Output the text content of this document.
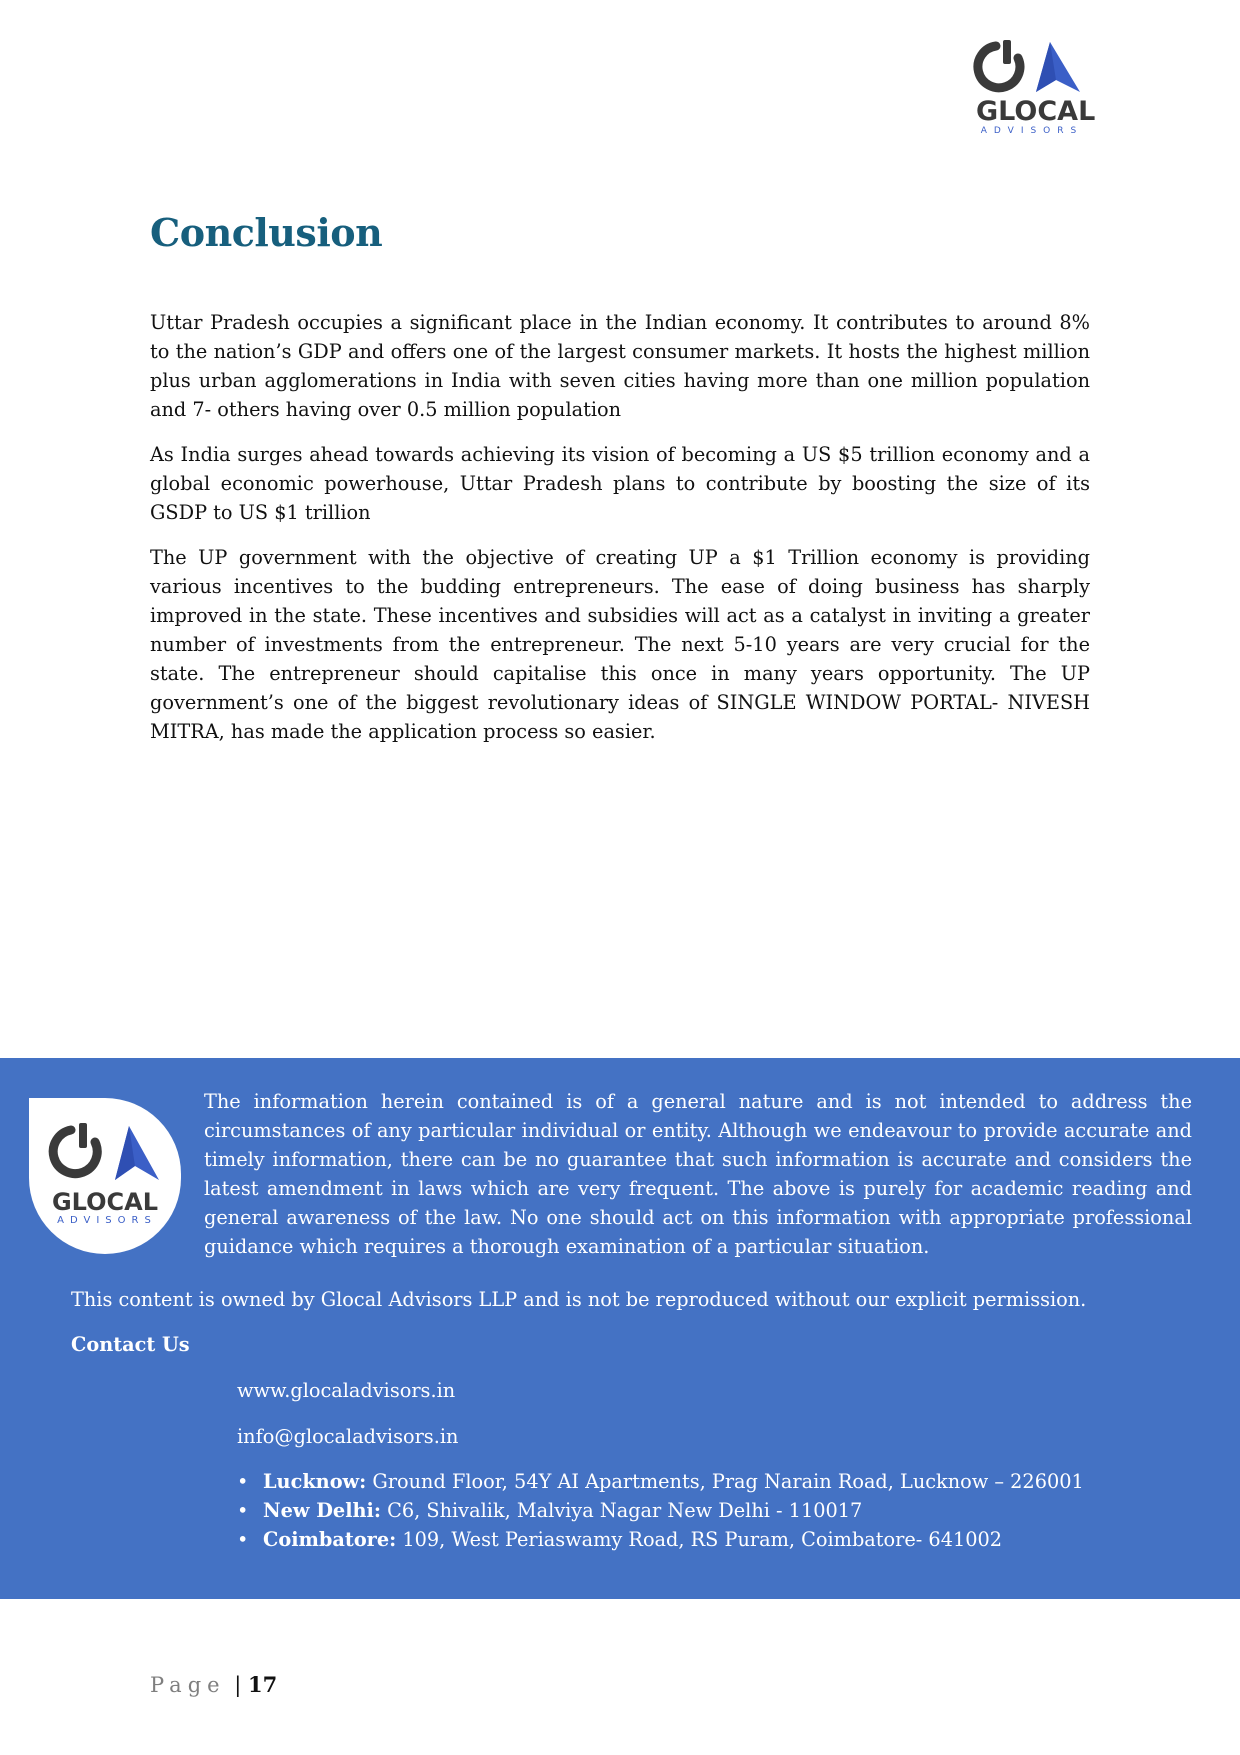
GLOCAL
ADVISORS
Conclusion

Uttar Pradesh occupies a significant place in the Indian economy. It contributes to around 8% to the nation’s GDP and offers one of the largest consumer markets. It hosts the highest million plus urban agglomerations in India with seven cities having more than one million population and 7- others having over 0.5 million population

As India surges ahead towards achieving its vision of becoming a US $5 trillion economy and a global economic powerhouse, Uttar Pradesh plans to contribute by boosting the size of its GSDP to US $1 trillion

The UP government with the objective of creating UP a $1 Trillion economy is providing various incentives to the budding entrepreneurs. The ease of doing business has sharply improved in the state. These incentives and subsidies will act as a catalyst in inviting a greater number of investments from the entrepreneur. The next 5-10 years are very crucial for the state. The entrepreneur should capitalise this once in many years opportunity. The UP government’s one of the biggest revolutionary ideas of SINGLE WINDOW PORTAL- NIVESH MITRA, has made the application process so easier.

GLOCAL
ADVISORS

The information herein contained is of a general nature and is not intended to address the circumstances of any particular individual or entity. Although we endeavour to provide accurate and timely information, there can be no guarantee that such information is accurate and considers the latest amendment in laws which are very frequent. The above is purely for academic reading and general awareness of the law. No one should act on this information with appropriate professional guidance which requires a thorough examination of a particular situation.

This content is owned by Glocal Advisors LLP and is not be reproduced without our explicit permission.

Contact Us

www.glocaladvisors.in

info@glocaladvisors.in

• Lucknow: Ground Floor, 54Y AI Apartments, Prag Narain Road, Lucknow – 226001
• New Delhi: C6, Shivalik, Malviya Nagar New Delhi - 110017
• Coimbatore: 109, West Periaswamy Road, RS Puram, Coimbatore- 641002
Page | 17
